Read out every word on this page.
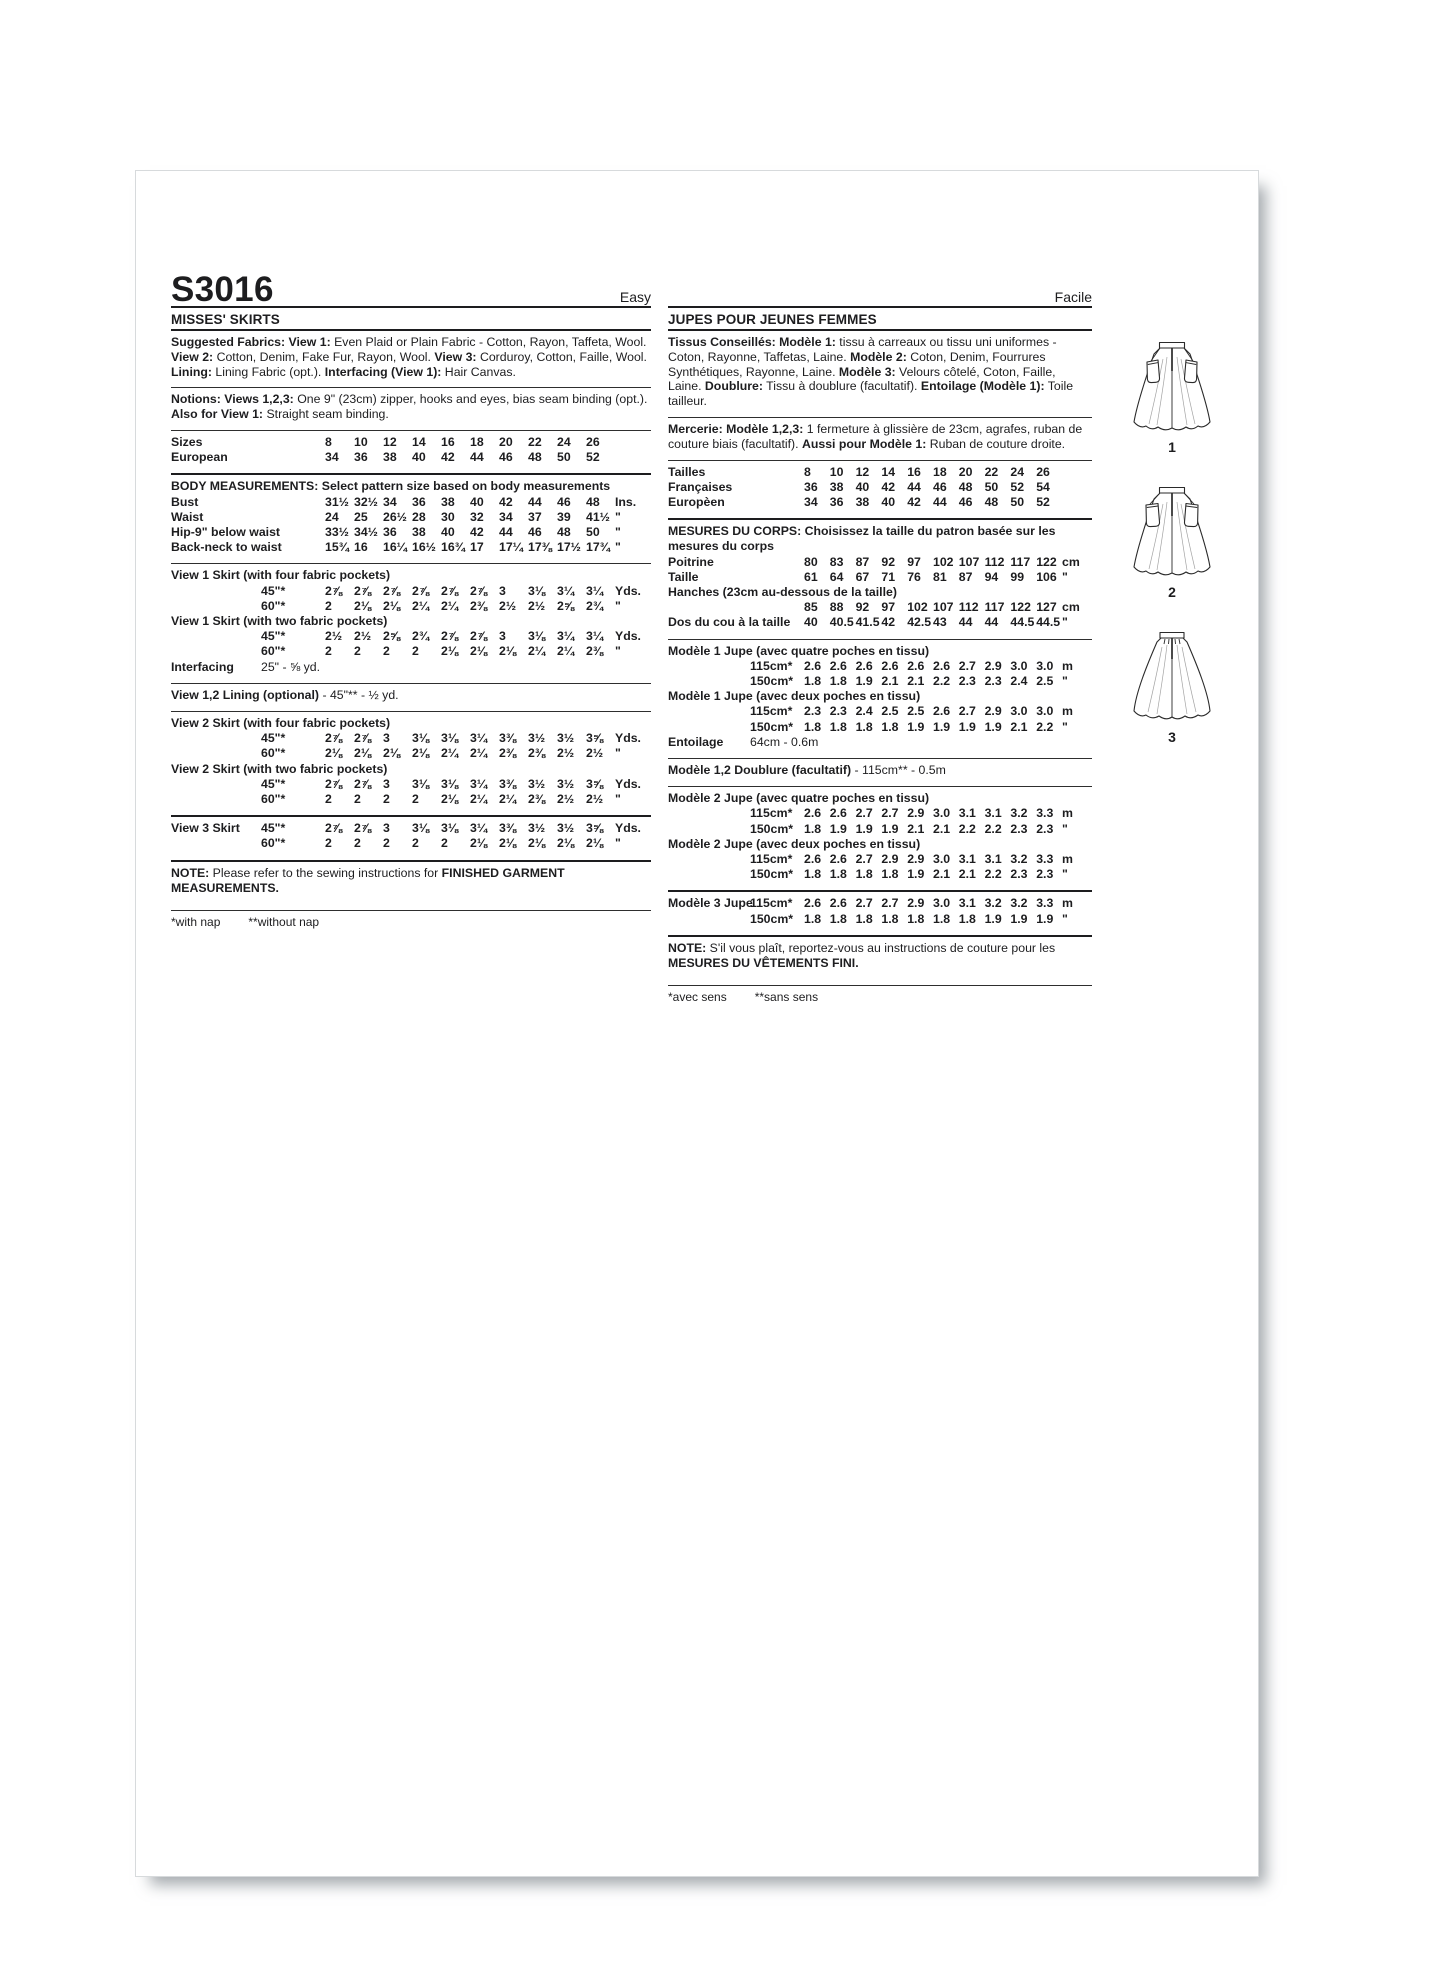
S3016	Easy
MISSES' SKIRTS

Suggested Fabrics: View 1: Even Plaid or Plain Fabric - Cotton, Rayon, Taffeta, Wool. View 2: Cotton, Denim, Fake Fur, Rayon, Wool. View 3: Corduroy, Cotton, Faille, Wool. Lining: Lining Fabric (opt.). Interfacing (View 1): Hair Canvas.

Notions: Views 1,2,3: One 9" (23cm) zipper, hooks and eyes, bias seam binding (opt.). Also for View 1: Straight seam binding.

Sizes	8	10	12	14	16	18	20	22	24	26
European	34	36	38	40	42	44	46	48	50	52
BODY MEASUREMENTS: Select pattern size based on body measurements
Bust	31½ 32½ 34	36	38	40	42	44	46	48	Ins.
Waist	24	25	26½ 28	30	32	34	37	39	41½ "
Hip-9" below waist	33½ 34½ 36	38	40	42	44	46	48	50	"
Back-neck to waist	15¾ 16	16¼ 16½ 16¾ 17	17¼ 17⅜ 17½ 17¾ "
View 1 Skirt (with four fabric pockets)
45"*	2⅞ 2⅞ 2⅞ 2⅞ 2⅞ 2⅞ 3	3⅛ 3¼ 3¼ Yds.
60"*	2	2⅛ 2⅛ 2¼ 2¼ 2⅜ 2½ 2½ 2⅝ 2¾ "
View 1 Skirt (with two fabric pockets)
45"*	2½ 2½ 2⅝ 2¾ 2⅞ 2⅞ 3	3⅛ 3¼ 3¼ Yds.
60"*	2	2	2	2	2⅛ 2⅛ 2⅛ 2¼ 2¼ 2⅜ "
Interfacing	25" - ⅝ yd.

View 1,2 Lining (optional) - 45"** - ½ yd.

View 2 Skirt (with four fabric pockets)
45"*	2⅞ 2⅞ 3	3⅛ 3⅛ 3¼ 3⅜ 3½ 3½ 3⅝ Yds.
60"*	2⅛ 2⅛ 2⅛ 2⅛ 2¼ 2¼ 2⅜ 2⅜ 2½ 2½ "
View 2 Skirt (with two fabric pockets)
45"*	2⅞ 2⅞ 3	3⅛ 3⅛ 3¼ 3⅜ 3½ 3½ 3⅝ Yds.
60"*	2	2	2	2	2⅛ 2¼ 2¼ 2⅜ 2½ 2½ "
View 3 Skirt	45"*	2⅞ 2⅞ 3	3⅛ 3⅛ 3¼ 3⅜ 3½ 3½ 3⅝ Yds.
60"*	2	2	2	2	2	2⅛ 2⅛ 2⅛ 2⅛ 2⅛ "

NOTE: Please refer to the sewing instructions for FINISHED GARMENT MEASUREMENTS.

*with nap **without nap
Facile
JUPES POUR JEUNES FEMMES

Tissus Conseillés: Modèle 1: tissu à carreaux ou tissu uni uniformes - Coton, Rayonne, Taffetas, Laine. Modèle 2: Coton, Denim, Fourrures Synthétiques, Rayonne, Laine. Modèle 3: Velours côtelé, Coton, Faille, Laine. Doublure: Tissu à doublure (facultatif). Entoilage (Modèle 1): Toile tailleur.

Mercerie: Modèle 1,2,3: 1 fermeture à glissière de 23cm, agrafes, ruban de couture biais (facultatif). Aussi pour Modèle 1: Ruban de couture droite.

Tailles	8	10 12 14 16 18 20 22 24 26
Françaises	36 38 40 42 44 46 48 50 52 54
Europèen	34 36 38 40 42 44 46 48 50 52
MESURES DU CORPS: Choisissez la taille du patron basée sur les mesures du corps
Poitrine	80 83 87 92 97 102 107 112 117 122 cm
Taille	61 64 67 71 76 81 87 94 99 106 "
Hanches (23cm au-dessous de la taille)
85 88 92 97 102 107 112 117 122 127 cm
Dos du cou à la taille	40 40.5 41.5 42 42.5 43 44 44 44.5 44.5 "
Modèle 1 Jupe (avec quatre poches en tissu)
115cm* 2.6 2.6 2.6 2.6 2.6 2.6 2.7 2.9 3.0 3.0 m
150cm* 1.8 1.8 1.9 2.1 2.1 2.2 2.3 2.3 2.4 2.5 "
Modèle 1 Jupe (avec deux poches en tissu)
115cm* 2.3 2.3 2.4 2.5 2.5 2.6 2.7 2.9 3.0 3.0 m
150cm* 1.8 1.8 1.8 1.8 1.9 1.9 1.9 1.9 2.1 2.2 "
Entoilage	64cm - 0.6m

Modèle 1,2 Doublure (facultatif) - 115cm** - 0.5m

Modèle 2 Jupe (avec quatre poches en tissu)
115cm* 2.6 2.6 2.7 2.7 2.9 3.0 3.1 3.1 3.2 3.3 m
150cm* 1.8 1.9 1.9 1.9 2.1 2.1 2.2 2.2 2.3 2.3 "
Modèle 2 Jupe (avec deux poches en tissu)
115cm* 2.6 2.6 2.7 2.9 2.9 3.0 3.1 3.1 3.2 3.3 m
150cm* 1.8 1.8 1.8 1.8 1.9 2.1 2.1 2.2 2.3 2.3 "
Modèle 3 Jupe
115cm* 2.6 2.6 2.7 2.7 2.9 3.0 3.1 3.2 3.2 3.3 m
150cm* 1.8 1.8 1.8 1.8 1.8 1.8 1.8 1.9 1.9 1.9 "

NOTE: S'il vous plaît, reportez-vous au instructions de couture pour les MESURES DU VÊTEMENTS FINI.

*avec sens **sans sens
1
2
3
